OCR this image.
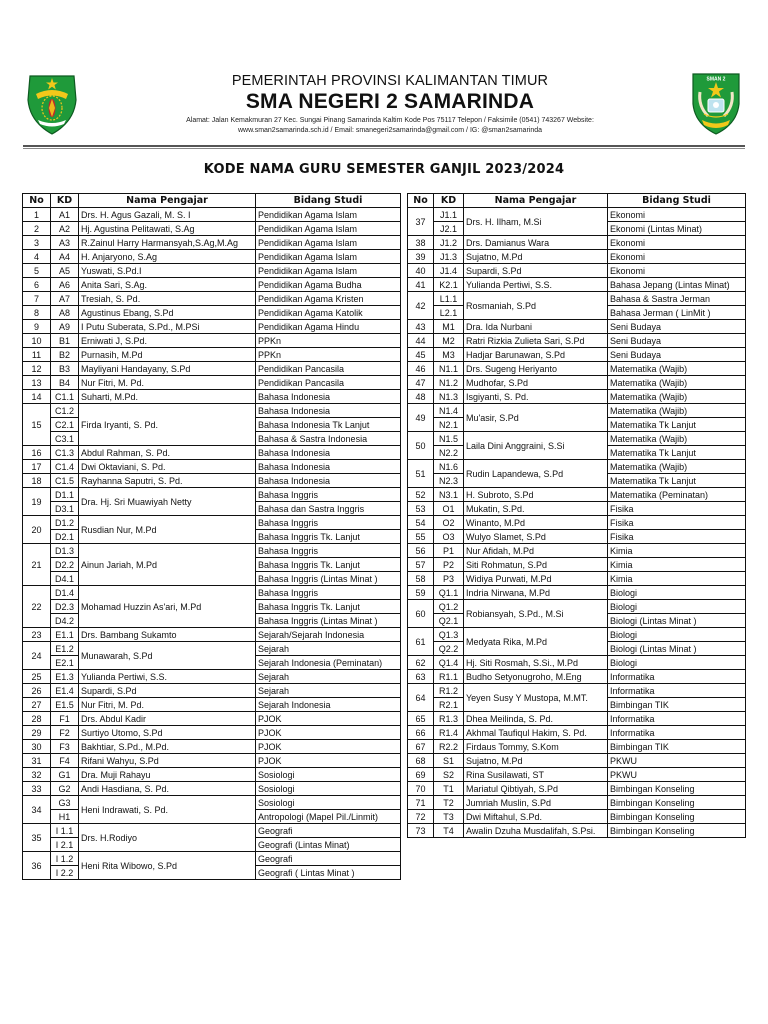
SMAN 2
PEMERINTAH PROVINSI KALIMANTAN TIMUR
SMA NEGERI 2 SAMARINDA
Alamat: Jalan Kemakmuran 27 Kec. Sungai Pinang Samarinda Kaltim Kode Pos 75117 Telepon / Faksimile (0541) 743267 Website:
www.sman2samarinda.sch.id / Email: smanegeri2samarinda@gmail.com / IG: @sman2samarinda
KODE NAMA GURU SEMESTER GANJIL 2023/2024
No	KD	Nama Pengajar	Bidang Studi
1	A1	Drs. H. Agus Gazali, M. S. I	Pendidikan Agama Islam
2	A2	Hj. Agustina Pelitawati, S.Ag	Pendidikan Agama Islam
3	A3	R.Zainul Harry Harmansyah,S.Ag,M.Ag	Pendidikan Agama Islam
4	A4	H. Anjaryono, S.Ag	Pendidikan Agama Islam
5	A5	Yuswati, S.Pd.I	Pendidikan Agama Islam
6	A6	Anita Sari, S.Ag.	Pendidikan Agama Budha
7	A7	Tresiah, S. Pd.	Pendidikan Agama Kristen
8	A8	Agustinus Ebang, S.Pd	Pendidikan Agama Katolik
9	A9	I Putu Suberata, S.Pd., M.PSi	Pendidikan Agama Hindu
10	B1	Erniwati J, S.Pd.	PPKn
11	B2	Purnasih, M.Pd	PPKn
12	B3	Mayliyani Handayany, S.Pd	Pendidikan Pancasila
13	B4	Nur Fitri, M. Pd.	Pendidikan Pancasila
14	C1.1	Suharti, M.Pd.	Bahasa Indonesia
15	C1.2	Firda Iryanti, S. Pd.	Bahasa Indonesia
	C2.1		Bahasa Indonesia Tk Lanjut
	C3.1		Bahasa & Sastra Indonesia
16	C1.3	Abdul Rahman, S. Pd.	Bahasa Indonesia
17	C1.4	Dwi Oktaviani, S. Pd.	Bahasa Indonesia
18	C1.5	Rayhanna Saputri, S. Pd.	Bahasa Indonesia
19	D1.1	Dra. Hj. Sri Muawiyah Netty	Bahasa Inggris
	D3.1		Bahasa dan Sastra Inggris
20	D1.2	Rusdian Nur, M.Pd	Bahasa Inggris
	D2.1		Bahasa Inggris Tk. Lanjut
21	D1.3	Ainun Jariah, M.Pd	Bahasa Inggris
	D2.2		Bahasa Inggris Tk. Lanjut
	D4.1		Bahasa Inggris (Lintas Minat )
22	D1.4	Mohamad Huzzin As'ari, M.Pd	Bahasa Inggris
	D2.3		Bahasa Inggris Tk. Lanjut
	D4.2		Bahasa Inggris (Lintas Minat )
23	E1.1	Drs. Bambang Sukamto	Sejarah/Sejarah Indonesia
24	E1.2	Munawarah, S.Pd	Sejarah
	E2.1		Sejarah Indonesia (Peminatan)
25	E1.3	Yulianda Pertiwi, S.S.	Sejarah
26	E1.4	Supardi, S.Pd	Sejarah
27	E1.5	Nur Fitri, M. Pd.	Sejarah Indonesia
28	F1	Drs. Abdul Kadir	PJOK
29	F2	Surtiyo Utomo, S.Pd	PJOK
30	F3	Bakhtiar, S.Pd., M.Pd.	PJOK
31	F4	Rifani Wahyu, S.Pd	PJOK
32	G1	Dra. Muji Rahayu	Sosiologi
33	G2	Andi Hasdiana, S. Pd.	Sosiologi
34	G3	Heni Indrawati, S. Pd.	Sosiologi
	H1		Antropologi (Mapel Pil./Linmit)
35	I 1.1	Drs. H.Rodiyo	Geografi
	I 2.1		Geografi (Lintas Minat)
36	I 1.2	Heni Rita Wibowo, S.Pd	Geografi
	I 2.2		Geografi ( Lintas Minat )
No	KD	Nama Pengajar	Bidang Studi
37	J1.1	Drs. H. Ilham, M.Si	Ekonomi
	J2.1		Ekonomi (Lintas Minat)
38	J1.2	Drs. Damianus Wara	Ekonomi
39	J1.3	Sujatno, M.Pd	Ekonomi
40	J1.4	Supardi, S.Pd	Ekonomi
41	K2.1	Yulianda Pertiwi, S.S.	Bahasa Jepang (Lintas Minat)
42	L1.1	Rosmaniah, S.Pd	Bahasa & Sastra Jerman
	L2.1		Bahasa Jerman ( LinMit )
43	M1	Dra. Ida Nurbani	Seni Budaya
44	M2	Ratri Rizkia Zulieta Sari, S.Pd	Seni Budaya
45	M3	Hadjar Barunawan, S.Pd	Seni Budaya
46	N1.1	Drs. Sugeng Heriyanto	Matematika (Wajib)
47	N1.2	Mudhofar, S.Pd	Matematika (Wajib)
48	N1.3	Isgiyanti, S. Pd.	Matematika (Wajib)
49	N1.4	Mu'asir, S.Pd	Matematika (Wajib)
	N2.1		Matematika Tk Lanjut
50	N1.5	Laila Dini Anggraini, S.Si	Matematika (Wajib)
	N2.2		Matematika Tk Lanjut
51	N1.6	Rudin Lapandewa, S.Pd	Matematika (Wajib)
	N2.3		Matematika Tk Lanjut
52	N3.1	H. Subroto, S.Pd	Matematika (Peminatan)
53	O1	Mukatin, S.Pd.	Fisika
54	O2	Winanto, M.Pd	Fisika
55	O3	Wulyo Slamet, S.Pd	Fisika
56	P1	Nur Afidah, M.Pd	Kimia
57	P2	Siti Rohmatun, S.Pd	Kimia
58	P3	Widiya Purwati, M.Pd	Kimia
59	Q1.1	Indria Nirwana, M.Pd	Biologi
60	Q1.2	Robiansyah, S.Pd., M.Si	Biologi
	Q2.1		Biologi (Lintas Minat )
61	Q1.3	Medyata Rika, M.Pd	Biologi
	Q2.2		Biologi (Lintas Minat )
62	Q1.4	Hj. Siti Rosmah, S.Si., M.Pd	Biologi
63	R1.1	Budho Setyonugroho, M.Eng	Informatika
64	R1.2	Yeyen Susy Y Mustopa, M.MT.	Informatika
	R2.1		Bimbingan TIK
65	R1.3	Dhea Meilinda, S. Pd.	Informatika
66	R1.4	Akhmal Taufiqul Hakim, S. Pd.	Informatika
67	R2.2	Firdaus Tommy, S.Kom	Bimbingan TIK
68	S1	Sujatno, M.Pd	PKWU
69	S2	Rina Susilawati, ST	PKWU
70	T1	Mariatul Qibtiyah, S.Pd	Bimbingan Konseling
71	T2	Jumriah Muslin, S.Pd	Bimbingan Konseling
72	T3	Dwi Miftahul, S.Pd.	Bimbingan Konseling
73	T4	Awalin Dzuha Musdalifah, S.Psi.	Bimbingan Konseling
